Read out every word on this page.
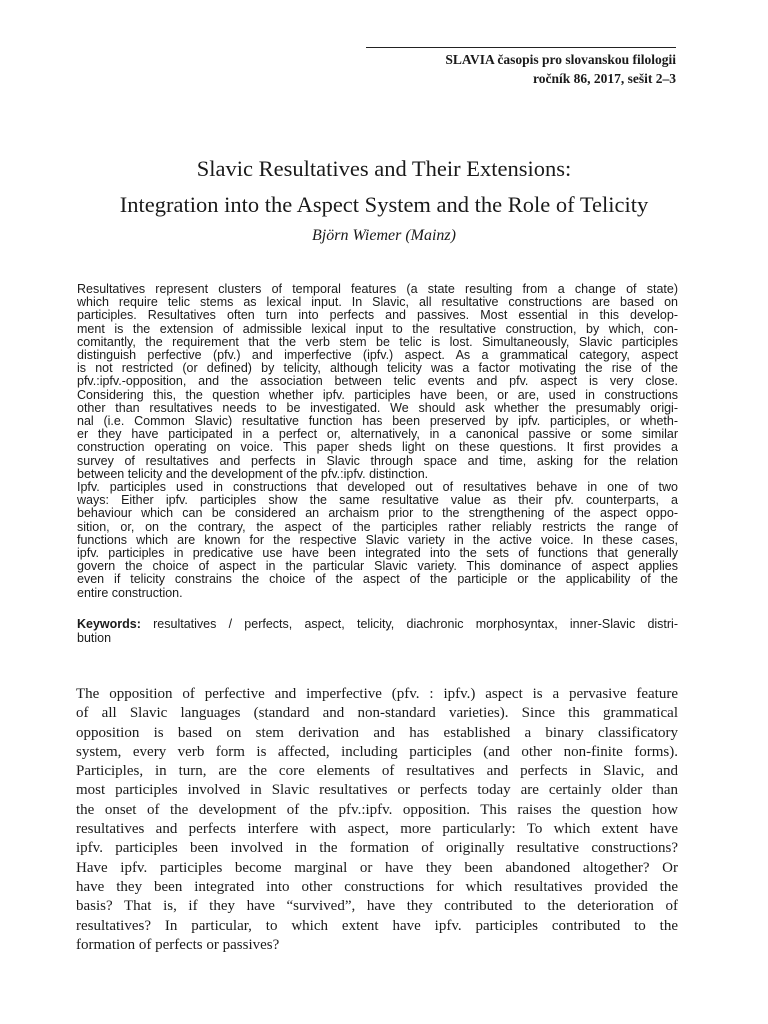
SLAVIA časopis pro slovanskou filologii
ročník 86, 2017, sešit 2–3
Slavic Resultatives and Their Extensions:
Integration into the Aspect System and the Role of Telicity
Björn Wiemer (Mainz)

Resultatives represent clusters of temporal features (a state resulting from a change of state)
which require telic stems as lexical input. In Slavic, all resultative constructions are based on
participles. Resultatives often turn into perfects and passives. Most essential in this develop-
ment is the extension of admissible lexical input to the resultative construction, by which, con-
comitantly, the requirement that the verb stem be telic is lost. Simultaneously, Slavic participles
distinguish perfective (pfv.) and imperfective (ipfv.) aspect. As a grammatical category, aspect
is not restricted (or defined) by telicity, although telicity was a factor motivating the rise of the
pfv.:ipfv.-opposition, and the association between telic events and pfv. aspect is very close.
Considering this, the question whether ipfv. participles have been, or are, used in constructions
other than resultatives needs to be investigated. We should ask whether the presumably origi-
nal (i.e. Common Slavic) resultative function has been preserved by ipfv. participles, or wheth-
er they have participated in a perfect or, alternatively, in a canonical passive or some similar
construction operating on voice. This paper sheds light on these questions. It first provides a
survey of resultatives and perfects in Slavic through space and time, asking for the relation
between telicity and the development of the pfv.:ipfv. distinction.

Ipfv. participles used in constructions that developed out of resultatives behave in one of two
ways: Either ipfv. participles show the same resultative value as their pfv. counterparts, a
behaviour which can be considered an archaism prior to the strengthening of the aspect oppo-
sition, or, on the contrary, the aspect of the participles rather reliably restricts the range of
functions which are known for the respective Slavic variety in the active voice. In these cases,
ipfv. participles in predicative use have been integrated into the sets of functions that generally
govern the choice of aspect in the particular Slavic variety. This dominance of aspect applies
even if telicity constrains the choice of the aspect of the participle or the applicability of the
entire construction.

Keywords: resultatives / perfects, aspect, telicity, diachronic morphosyntax, inner-Slavic distri-
bution
The opposition of perfective and imperfective (pfv. : ipfv.) aspect is a pervasive feature
of all Slavic languages (standard and non-standard varieties). Since this grammatical
opposition is based on stem derivation and has established a binary classificatory
system, every verb form is affected, including participles (and other non-finite forms).
Participles, in turn, are the core elements of resultatives and perfects in Slavic, and
most participles involved in Slavic resultatives or perfects today are certainly older than
the onset of the development of the pfv.:ipfv. opposition. This raises the question how
resultatives and perfects interfere with aspect, more particularly: To which extent have
ipfv. participles been involved in the formation of originally resultative constructions?
Have ipfv. participles become marginal or have they been abandoned altogether? Or
have they been integrated into other constructions for which resultatives provided the
basis? That is, if they have “survived”, have they contributed to the deterioration of
resultatives? In particular, to which extent have ipfv. participles contributed to the
formation of perfects or passives?
